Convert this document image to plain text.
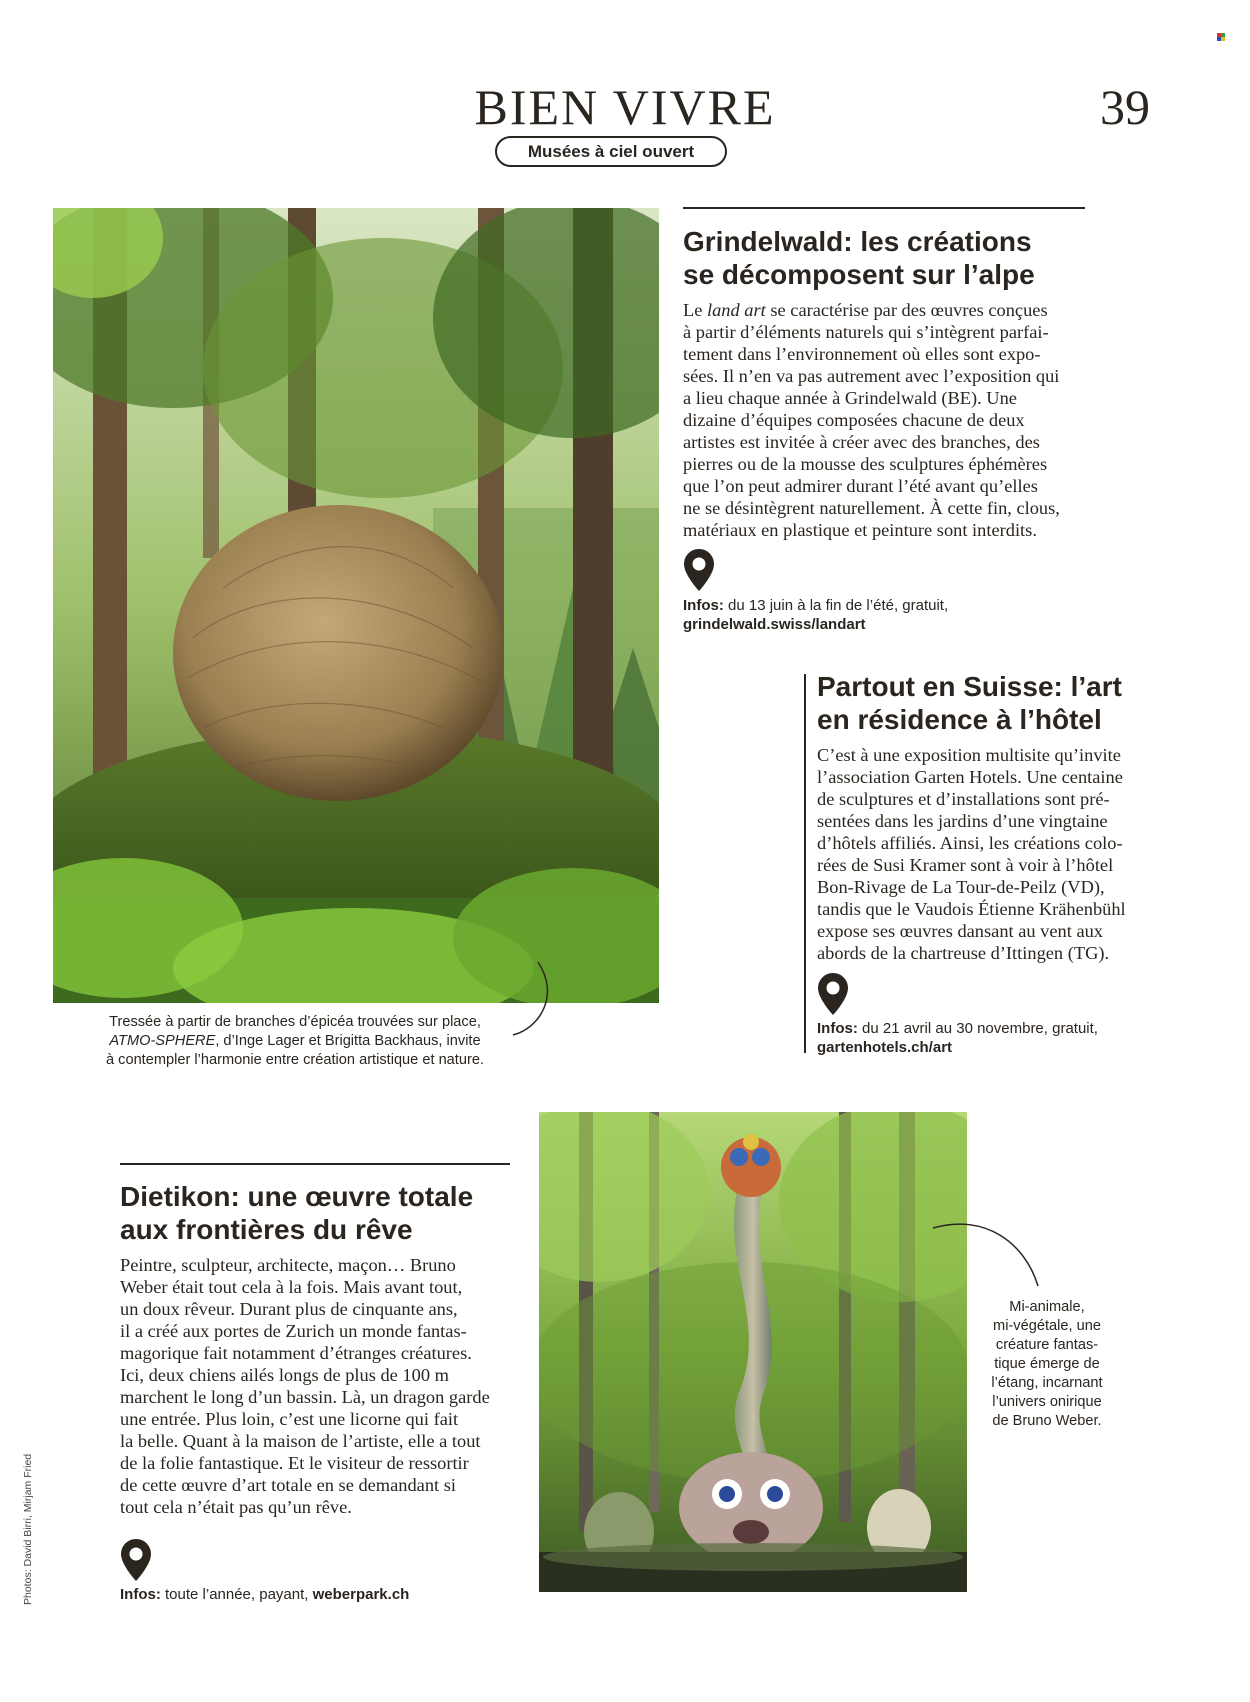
BIEN VIVRE	39
Musées à ciel ouvert
Tressée à partir de branches d’épicéa trouvées sur place,
ATMO-SPHERE, d’Inge Lager et Brigitta Backhaus, invite
à contempler l’harmonie entre création artistique et nature.
Grindelwald: les créations
se décomposent sur l’alpe

Le land art se caractérise par des œuvres conçues
à partir d’éléments naturels qui s’intègrent parfai-
tement dans l’environnement où elles sont expo-
sées. Il n’en va pas autrement avec l’exposition qui
a lieu chaque année à Grindelwald (BE). Une
dizaine d’équipes composées chacune de deux
artistes est invitée à créer avec des branches, des
pierres ou de la mousse des sculptures éphémères
que l’on peut admirer durant l’été avant qu’elles
ne se désintègrent naturellement. À cette fin, clous,
matériaux en plastique et peinture sont interdits.

Infos: du 13 juin à la fin de l’été, gratuit,
grindelwald.swiss/landart
Partout en Suisse: l’art
en résidence à l’hôtel

C’est à une exposition multisite qu’invite
l’association Garten Hotels. Une centaine
de sculptures et d’installations sont pré-
sentées dans les jardins d’une vingtaine
d’hôtels affiliés. Ainsi, les créations colo-
rées de Susi Kramer sont à voir à l’hôtel
Bon-Rivage de La Tour-de-Peilz (VD),
tandis que le Vaudois Étienne Krähenbühl
expose ses œuvres dansant au vent aux
abords de la chartreuse d’Ittingen (TG).

Infos: du 21 avril au 30 novembre, gratuit,
gartenhotels.ch/art
Dietikon: une œuvre totale
aux frontières du rêve

Peintre, sculpteur, architecte, maçon… Bruno
Weber était tout cela à la fois. Mais avant tout,
un doux rêveur. Durant plus de cinquante ans,
il a créé aux portes de Zurich un monde fantas-
magorique fait notamment d’étranges créatures.
Ici, deux chiens ailés longs de plus de 100 m
marchent le long d’un bassin. Là, un dragon garde
une entrée. Plus loin, c’est une licorne qui fait
la belle. Quant à la maison de l’artiste, elle a tout
de la folie fantastique. Et le visiteur de ressortir
de cette œuvre d’art totale en se demandant si
tout cela n’était pas qu’un rêve.

Infos: toute l’année, payant, weberpark.ch
Mi-animale,
mi-végétale, une
créature fantas-
tique émerge de
l’étang, incarnant
l’univers onirique
de Bruno Weber.
Photos: David Birri, Mirjam Fried
